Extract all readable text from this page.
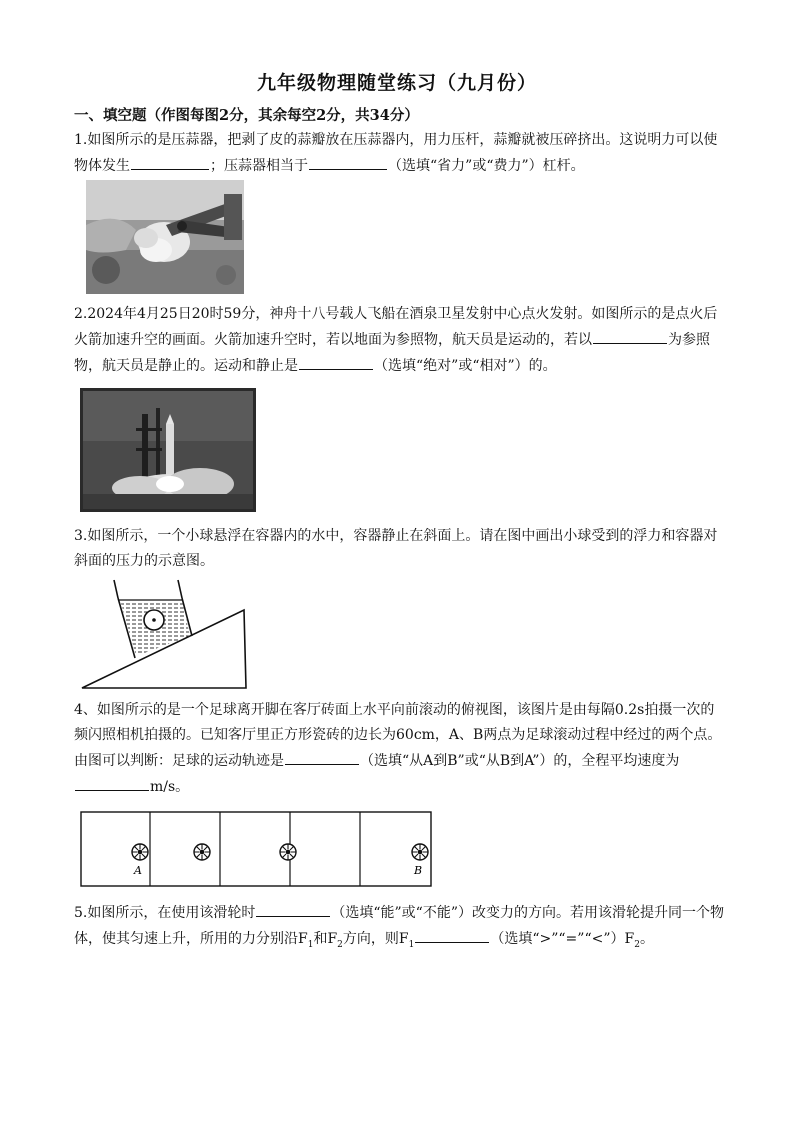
九年级物理随堂练习（九月份）
一、填空题（作图每图2分，其余每空2分，共34分）
1.如图所示的是压蒜器，把剥了皮的蒜瓣放在压蒜器内，用力压杆，蒜瓣就被压碎挤出。这说明力可以使物体发生	；压蒜器相当于	（选填“省力”或“费力”）杠杆。
2.2024年4月25日20时59分，神舟十八号载人飞船在酒泉卫星发射中心点火发射。如图所示的是点火后火箭加速升空的画面。火箭加速升空时，若以地面为参照物，航天员是运动的，若以	为参照物，航天员是静止的。运动和静止是	（选填“绝对”或“相对”）的。
3.如图所示，一个小球悬浮在容器内的水中，容器静止在斜面上。请在图中画出小球受到的浮力和容器对斜面的压力的示意图。
4、如图所示的是一个足球离开脚在客厅砖面上水平向前滚动的俯视图，该图片是由每隔0.2s拍摄一次的频闪照相机拍摄的。已知客厅里正方形瓷砖的边长为60cm，A、B两点为足球滚动过程中经过的两个点。由图可以判断：足球的运动轨迹是	（选填“从A到B”或“从B到A”）的，全程平均速度为
m/s。
A	B
5.如图所示，在使用该滑轮时	（选填“能”或“不能”）改变力的方向。若用该滑轮提升同一个物体，使其匀速上升，所用的力分别沿$F_1$和$F_2$方向，则$F_1$	（选填“$>”“=”“<”)F_2$。
